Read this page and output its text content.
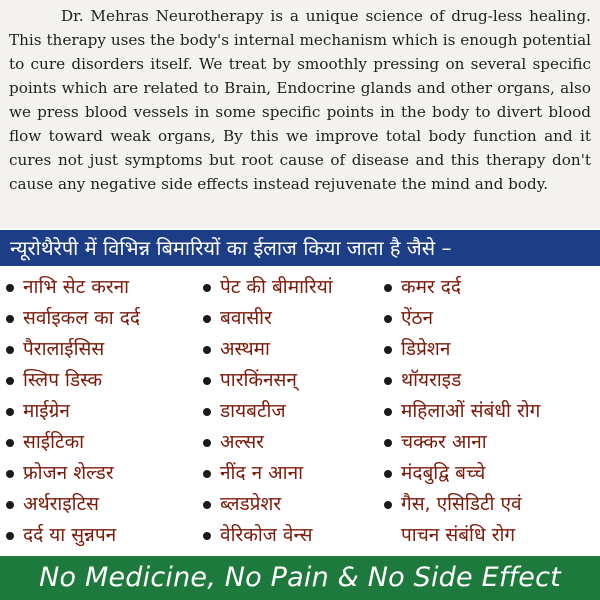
Dr. Mehras Neurotherapy is a unique science of drug-less healing. This therapy uses the body's internal mechanism which is enough potential to cure disorders itself. We treat by smoothly pressing on several specific points which are related to Brain, Endocrine glands and other organs, also we press blood vessels in some specific points in the body to divert blood flow toward weak organs, By this we improve total body function and it cures not just symptoms but root cause of disease and this therapy don't cause any negative side effects instead rejuvenate the mind and body.

न्यूरोथैरेपी में विभिन्न बिमारियों का ईलाज किया जाता है जैसे –
नाभि सेट करना
सर्वाइकल का दर्द
पैरालाईसिस
स्लिप डिस्क
माईग्रेन
साईटिका
फ्रोजन शेल्डर
अर्थराइटिस
दर्द या सुन्नपन
पेट की बीमारियां
बवासीर
अस्थमा
पारकिंनसन्
डायबटीज
अल्सर
नींद न आना
ब्लडप्रेशर
वेरिकोज वेन्स
कमर दर्द
ऐंठन
डिप्रेशन
थॉयराइड
महिलाओं संबंधी रोग
चक्कर आना
मंदबुद्वि बच्चे
गैस, एसिडिटी एवं
पाचन संबंधि रोग
No Medicine, No Pain & No Side Effect
